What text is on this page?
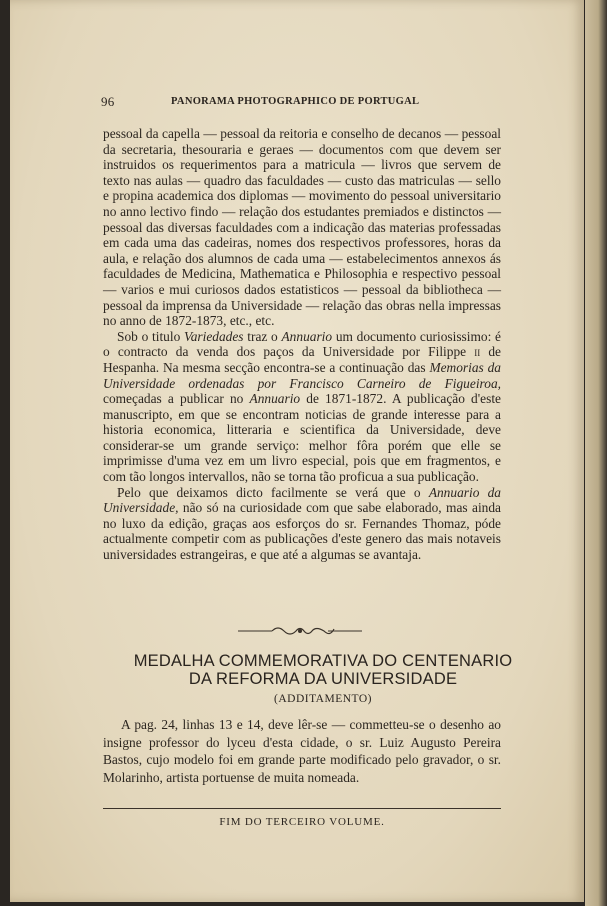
96	PANORAMA PHOTOGRAPHICO DE PORTUGAL

pessoal da capella — pessoal da reitoria e conselho de decanos — pessoal da secretaria, thesouraria e geraes — documentos com que devem ser instruidos os requerimentos para a matricula — livros que servem de texto nas aulas — quadro das faculdades — custo das matriculas — sello e propina academica dos diplomas — movimento do pessoal universitario no anno lectivo findo — relação dos estudantes premiados e distinctos — pessoal das diversas faculdades com a indicação das materias professadas em cada uma das cadeiras, nomes dos respectivos professores, horas da aula, e relação dos alumnos de cada uma — estabelecimentos annexos ás faculdades de Medicina, Mathematica e Philosophia e respectivo pessoal — varios e mui curiosos dados estatisticos — pessoal da bibliotheca — pessoal da imprensa da Universidade — relação das obras nella impressas no anno de 1872-1873, etc., etc.

Sob o titulo Variedades traz o Annuario um documento curiosissimo: é o contracto da venda dos paços da Universidade por Filippe ii de Hespanha. Na mesma secção encontra-se a continuação das Memorias da Universidade ordenadas por Francisco Carneiro de Figueiroa, começadas a publicar no Annuario de 1871-1872. A publicação d'este manuscripto, em que se encontram noticias de grande interesse para a historia economica, litteraria e scientifica da Universidade, deve considerar-se um grande serviço: melhor fôra porém que elle se imprimisse d'uma vez em um livro especial, pois que em fragmentos, e com tão longos intervallos, não se torna tão proficua a sua publicação.

Pelo que deixamos dicto facilmente se verá que o Annuario da Universidade, não só na curiosidade com que sabe elaborado, mas ainda no luxo da edição, graças aos esforços do sr. Fernandes Thomaz, póde actualmente competir com as publicações d'este genero das mais notaveis universidades estrangeiras, e que até a algumas se avantaja.

MEDALHA COMMEMORATIVA DO CENTENARIO
DA REFORMA DA UNIVERSIDADE
(ADDITAMENTO)

A pag. 24, linhas 13 e 14, deve lêr-se — commetteu-se o desenho ao insigne professor do lyceu d'esta cidade, o sr. Luiz Augusto Pereira Bastos, cujo modelo foi em grande parte modificado pelo gravador, o sr. Molarinho, artista portuense de muita nomeada.

FIM DO TERCEIRO VOLUME.
